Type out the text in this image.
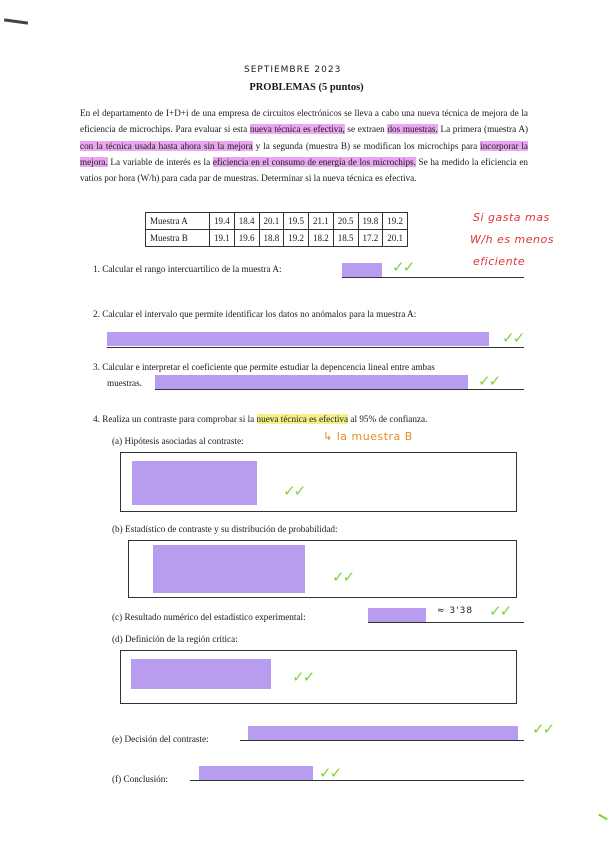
SEPTIEMBRE 2023
PROBLEMAS (5 puntos)
En el departamento de I+D+i de una empresa de circuitos electrónicos se lleva a cabo una nueva técnica de mejora de la eficiencia de microchips. Para evaluar si esta nueva técnica es efectiva, se extraen dos muestras. La primera (muestra A) con la técnica usada hasta ahora sin la mejora y la segunda (muestra B) se modifican los microchips para incorporar la mejora. La variable de interés es la eficiencia en el consumo de energía de los microchips. Se ha medido la eficiencia en vatios por hora (W/h) para cada par de muestras. Determinar si la nueva técnica es efectiva.
Muestra A	19.4	18.4	20.1	19.5	21.1	20.5	19.8	19.2
Muestra B	19.1	19.6	18.8	19.2	18.2	18.5	17.2	20.1
Si gasta mas
W/h es menos
eficiente
1. Calcular el rango intercuartílico de la muestra A:	✓✓
2. Calcular el intervalo que permite identificar los datos no anómalos para la muestra A:
✓✓
3. Calcular e interpretar el coeficiente que permite estudiar la depencencia lineal entre ambas
muestras.	✓✓
4. Realiza un contraste para comprobar si la nueva técnica es efectiva al 95% de confianza.
(a) Hipótesis asociadas al contraste:	↳ la muestra B
✓✓
(b) Estadístico de contraste y su distribución de probabilidad:
✓✓
(c) Resultado numérico del estadístico experimental:
≈ 3'38 ✓✓
(d) Definición de la región crítica:
✓✓
(e) Decisión del contraste:
✓✓
(f) Conclusión:	✓✓
